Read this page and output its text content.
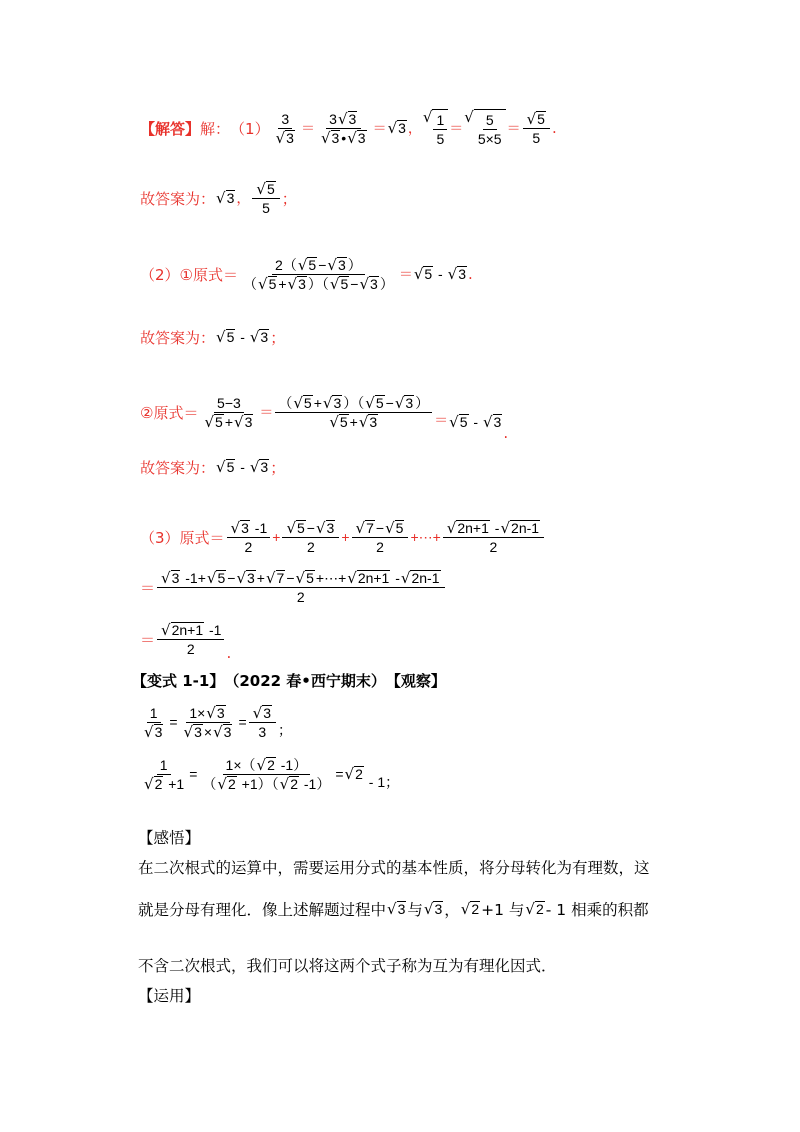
【解答】 解： $(1) \frac{3}{√ 3} = \frac{3 √ 3}{√ 3 • √ 3}$ ＝ √ 3 ，
√ $\frac{1}{5}$ ＝
√ $\frac{5}{5\times 5} = \frac{√ 5}{5}$ .
故答案为： √ 3 ， $\frac{√ 5}{5}$ ；
（2） ①原式＝ $\frac{2( √ 5 - √ 3 )}{( √ 5 + √ 3 )( √ 5 - √ 3 )}$ ＝ √ 5 - √ 3 .
故答案为： √ 5 - √ 3 ；
②原式＝ $\frac{5-3}{√ 5 + √ 3} = \frac{( √ 5 + √ 3 )( √ 5 - √ 3 )}{√ 5 + √ 3}$ ＝ √ 5 - √ 3
.
故答案为： √ 5 - √ 3 ；
（3）原式＝ $\frac{√ 3 -1}{2} + \frac{√ 5 - √ 3}{2} + \frac{√ 7 - √ 5}{2}$ +⋯+ $\frac{√ 2n+1 - √ 2n-1}{2}$
＝ $\frac{√ 3 -1+ √ 5 - √ 3 + √ 7 - √ 5 +\cdots+ √ 2n+1 - √ 2n-1}{2}$
＝ $\frac{√ 2n+1 -1}{2}$ .
【变式 1-1】 （2022 春•西宁期末） 【观察】
$\frac{1}{√ 3} = \frac{1\times √ 3}{√ 3 \times √ 3} = \frac{√ 3}{3}$ ；
$\frac{1}{√ 2 +1} = \frac{1\times( √ 2 -1)}{( √ 2 +1)( √ 2 -1)}$ = √ 2 - 1；
【感悟】
在二次根式的运算中，需要运用分式的基本性质，将分母转化为有理数，这
就是分母有理化．像上述解题过程中 √ 3 与 √ 3 ， √ 2 +1 与 √ 2 - 1 相乘的积都
不含二次根式，我们可以将这两个式子称为互为有理化因式．
【运用】
